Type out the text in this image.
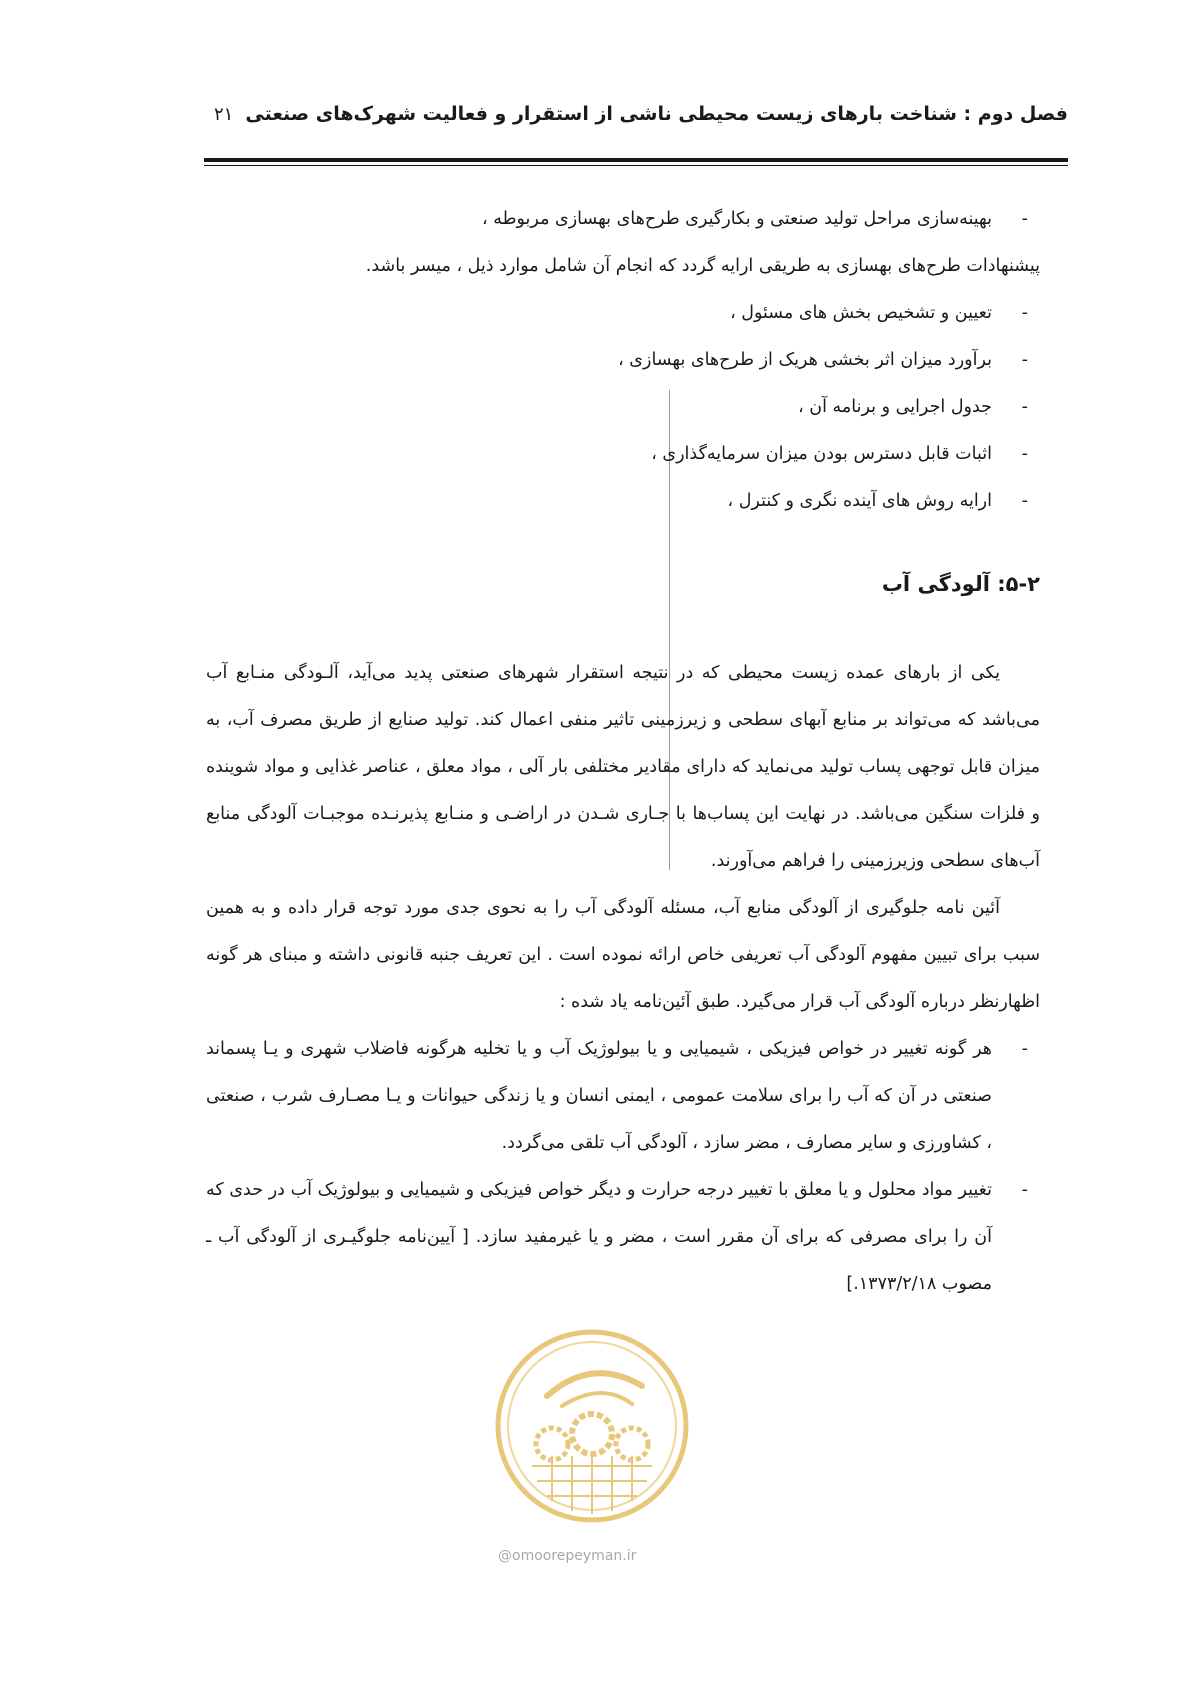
فصل دوم : شناخت بارهای زیست محیطی ناشی از استقرار و فعالیت شهرک‌های صنعتی
۲۱
- بهینه‌سازی مراحل تولید صنعتی و بکارگیری طرح‌های بهسازی مربوطه ،

پیشنهادات طرح‌های بهسازی به طریقی ارایه گردد که انجام آن شامل موارد ذیل ، میسر باشد.

- تعیین و تشخیص بخش های مسئول ،
- برآورد میزان اثر بخشی هریک از طرح‌های بهسازی ،
- جدول اجرایی و برنامه آن ،
- اثبات قابل دسترس بودن میزان سرمایه‌گذاری ،
- ارایه روش های آینده نگری و کنترل ،

۵-۲: آلودگی آب

یکی از بارهای عمده زیست محیطی که در نتیجه استقرار شهرهای صنعتی پدید می‌آید، آلـودگی منـابع آب می‌باشد که می‌تواند بر منابع آبهای سطحی و زیرزمینی تاثیر منفی اعمال کند. تولید صنایع از طریق مصرف آب، به میزان قابل توجهی پساب تولید می‌نماید که دارای مقادیر مختلفی بار آلی ، مواد معلق ، عناصر غذایی و مواد شوینده و فلزات سنگین می‌باشد. در نهایت این پساب‌ها با جـاری شـدن در اراضـی و منـابع پذیرنـده موجبـات آلودگی منابع آب‌های سطحی وزیرزمینی را فراهم می‌آورند.

آئین نامه جلوگیری از آلودگی منابع آب، مسئله آلودگی آب را به نحوی جدی مورد توجه قرار داده و به همین سبب برای تبیین مفهوم آلودگی آب تعریفی خاص ارائه نموده است . این تعریف جنبه قانونی داشته و مبنای هر گونه اظهارنظر درباره آلودگی آب قرار می‌گیرد. طبق آئین‌نامه یاد شده :

- هر گونه تغییر در خواص فیزیکی ، شیمیایی و یا بیولوژیک آب و یا تخلیه هرگونه فاضلاب شهری و یـا پسماند صنعتی در آن که آب را برای سلامت عمومی ، ایمنی انسان و یا زندگی حیوانات و یـا مصـارف شرب ، صنعتی ، کشاورزی و سایر مصارف ، مضر سازد ، آلودگی آب تلقی می‌گردد.
- تغییر مواد محلول و یا معلق با تغییر درجه حرارت و دیگر خواص فیزیکی و شیمیایی و بیولوژیک آب در حدی که آن را برای مصرفی که برای آن مقرر است ، مضر و یا غیرمفید سازد. [ آیین‌نامه جلوگیـری از آلودگی آب ـ مصوب ۱۳۷۳/۲/۱۸.]
@omoorepeyman.ir
